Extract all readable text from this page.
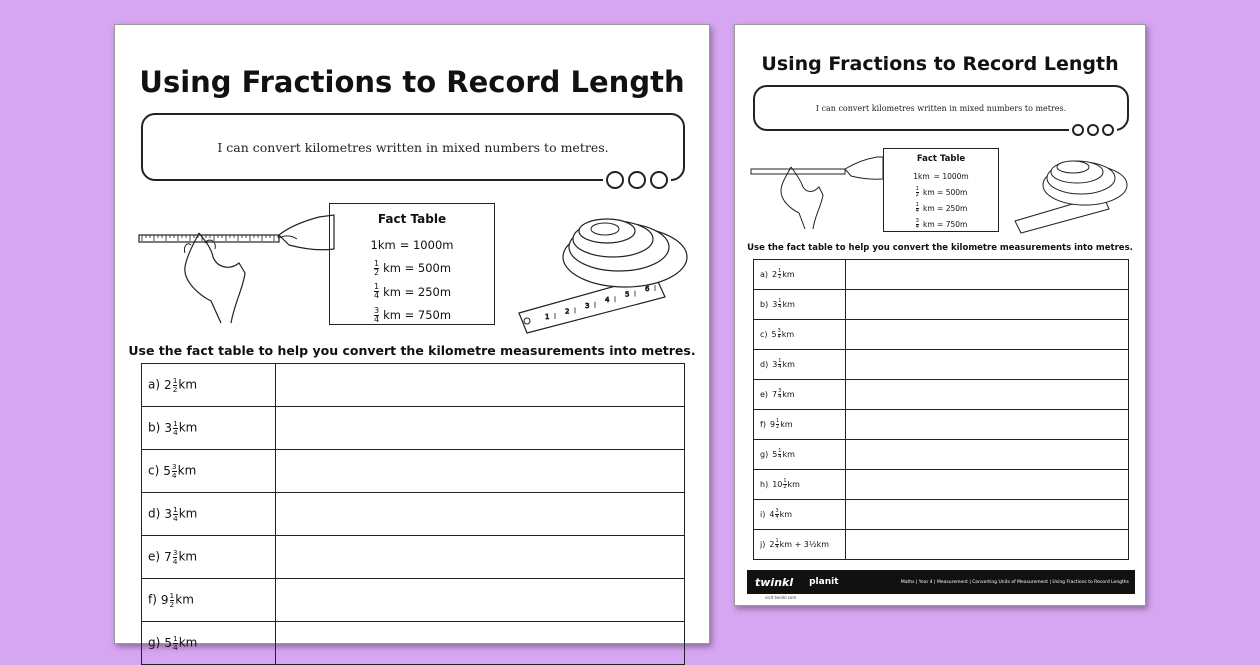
Using Fractions to Record Length
I can convert kilometres written in mixed numbers to metres.
Fact Table
1km = 1000m
$\frac{1}{2}$ km = 500m
$\frac{1}{4}$ km = 250m
$\frac{3}{4}$ km = 750m	1
2
3
4
5
6
Use the fact table to help you convert the kilometre measurements into metres.
a) $2 \frac{1}{2}$ km	
b) $3 \frac{1}{4}$ km	
c) $5 \frac{3}{4}$ km	
d) $3 \frac{1}{4}$ km	
e) $7 \frac{3}{4}$ km	
f) $9 \frac{1}{2}$ km	
g) $5 \frac{1}{4}$ km	
Using Fractions to Record Length
I can convert kilometres written in mixed numbers to metres.
Fact Table
1km = 1000m
$\frac{1}{2}$ km = 500m
$\frac{1}{4}$ km = 250m
$\frac{3}{4}$ km = 750m
Use the fact table to help you convert the kilometre measurements into metres.
a) $2 \frac{1}{2}$ km	
b) $3 \frac{1}{4}$ km	
c) $5 \frac{3}{4}$ km	
d) $3 \frac{1}{4}$ km	
e) $7 \frac{3}{4}$ km	
f) $9 \frac{1}{2}$ km	
g) $5 \frac{1}{4}$ km	
h) $10 \frac{1}{2}$ km	
i) $4 \frac{3}{4}$ km	
j) $2 \frac{1}{4}$ km + 3½km	
twinkl planit	Maths | Year 4 | Measurement | Converting Units of Measurement | Using Fractions to Record Lengths
visit twinkl.com
